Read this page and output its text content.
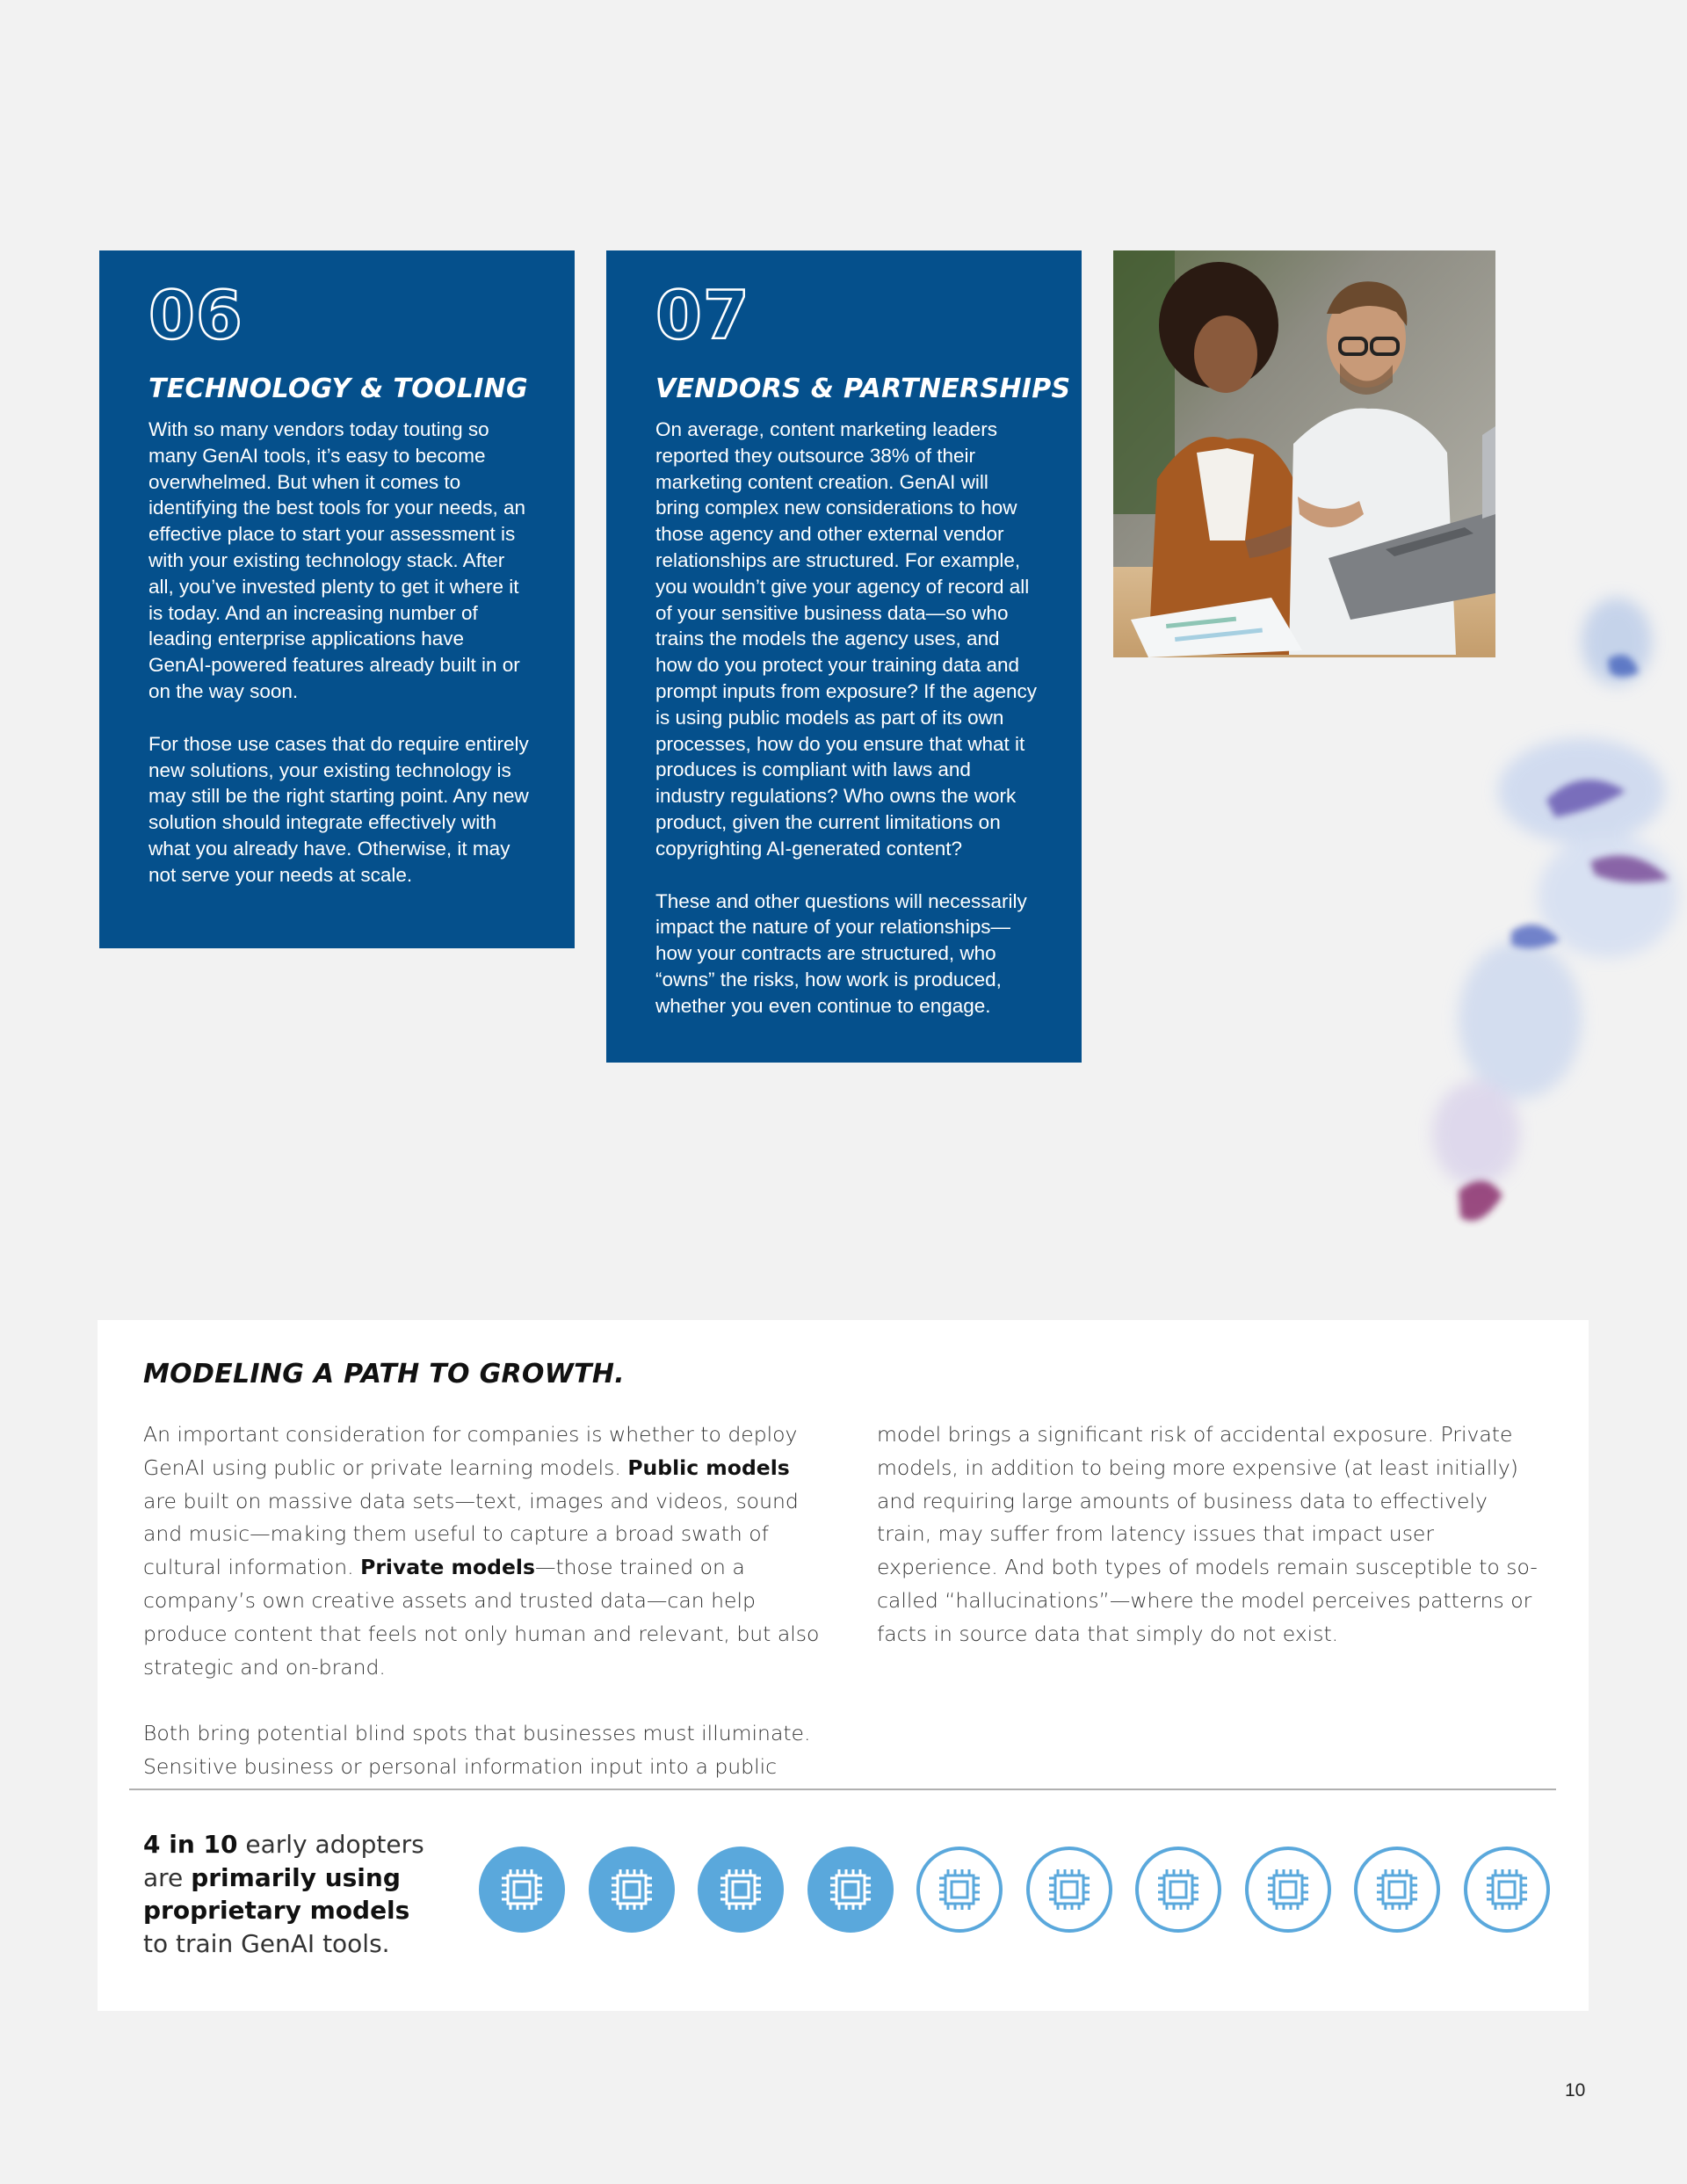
06
TECHNOLOGY & TOOLING

With so many vendors today touting so many GenAI tools, it’s easy to become overwhelmed. But when it comes to identifying the best tools for your needs, an effective place to start your assessment is with your existing technology stack. After all, you’ve invested plenty to get it where it is today. And an increasing number of leading enterprise applications have GenAI-powered features already built in or on the way soon.

For those use cases that do require entirely new solutions, your existing technology is may still be the right starting point. Any new solution should integrate effectively with what you already have. Otherwise, it may not serve your needs at scale.

07
VENDORS & PARTNERSHIPS

On average, content marketing leaders reported they outsource 38% of their marketing content creation. GenAI will bring complex new considerations to how those agency and other external vendor relationships are structured. For example, you wouldn’t give your agency of record all of your sensitive business data—so who trains the models the agency uses, and how do you protect your training data and prompt inputs from exposure? If the agency is using public models as part of its own processes, how do you ensure that what it produces is compliant with laws and industry regulations? Who owns the work product, given the current limitations on copyrighting AI-generated content?

These and other questions will necessarily impact the nature of your relationships—how your contracts are structured, who “owns” the risks, how work is produced, whether you even continue to engage.

MODELING A PATH TO GROWTH.

An important consideration for companies is whether to deploy GenAI using public or private learning models. Public models are built on massive data sets—text, images and videos, sound and music—making them useful to capture a broad swath of cultural information. Private models—those trained on a company’s own creative assets and trusted data—can help produce content that feels not only human and relevant, but also strategic and on-brand.

Both bring potential blind spots that businesses must illuminate. Sensitive business or personal information input into a public

model brings a significant risk of accidental exposure. Private models, in addition to being more expensive (at least initially) and requiring large amounts of business data to effectively train, may suffer from latency issues that impact user experience. And both types of models remain susceptible to so-called “hallucinations”—where the model perceives patterns or facts in source data that simply do not exist.

4 in 10 early adopters are primarily using proprietary models to train GenAI tools.
10
